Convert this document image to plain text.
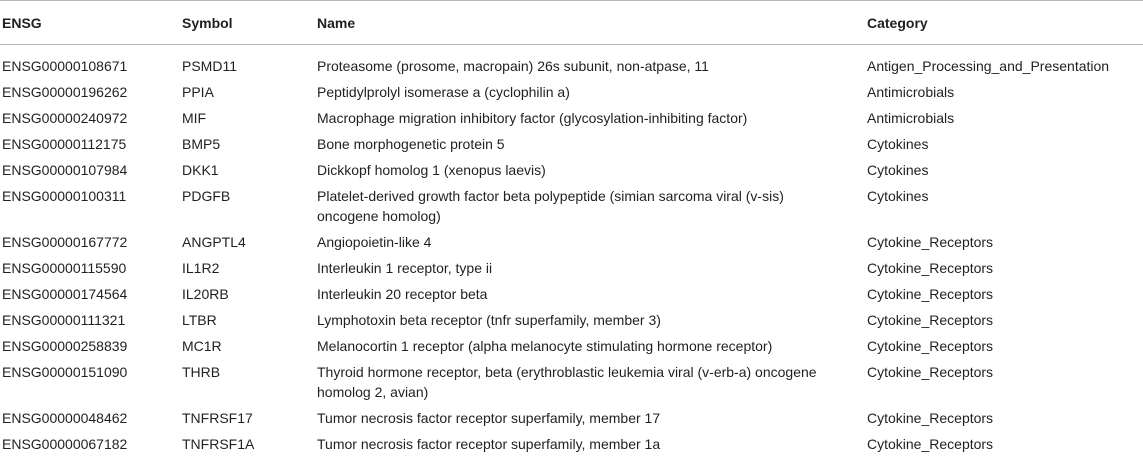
ENSG	Symbol	Name	Category
ENSG00000108671	PSMD11	Proteasome (prosome, macropain) 26s subunit, non-atpase, 11	Antigen_Processing_and_Presentation
ENSG00000196262	PPIA	Peptidylprolyl isomerase a (cyclophilin a)	Antimicrobials
ENSG00000240972	MIF	Macrophage migration inhibitory factor (glycosylation-inhibiting factor)	Antimicrobials
ENSG00000112175	BMP5	Bone morphogenetic protein 5	Cytokines
ENSG00000107984	DKK1	Dickkopf homolog 1 (xenopus laevis)	Cytokines
ENSG00000100311	PDGFB	Platelet-derived growth factor beta polypeptide (simian sarcoma viral (v-sis) oncogene homolog)	Cytokines
ENSG00000167772	ANGPTL4	Angiopoietin-like 4	Cytokine_Receptors
ENSG00000115590	IL1R2	Interleukin 1 receptor, type ii	Cytokine_Receptors
ENSG00000174564	IL20RB	Interleukin 20 receptor beta	Cytokine_Receptors
ENSG00000111321	LTBR	Lymphotoxin beta receptor (tnfr superfamily, member 3)	Cytokine_Receptors
ENSG00000258839	MC1R	Melanocortin 1 receptor (alpha melanocyte stimulating hormone receptor)	Cytokine_Receptors
ENSG00000151090	THRB	Thyroid hormone receptor, beta (erythroblastic leukemia viral (v-erb-a) oncogene homolog 2, avian)	Cytokine_Receptors
ENSG00000048462	TNFRSF17	Tumor necrosis factor receptor superfamily, member 17	Cytokine_Receptors
ENSG00000067182	TNFRSF1A	Tumor necrosis factor receptor superfamily, member 1a	Cytokine_Receptors
